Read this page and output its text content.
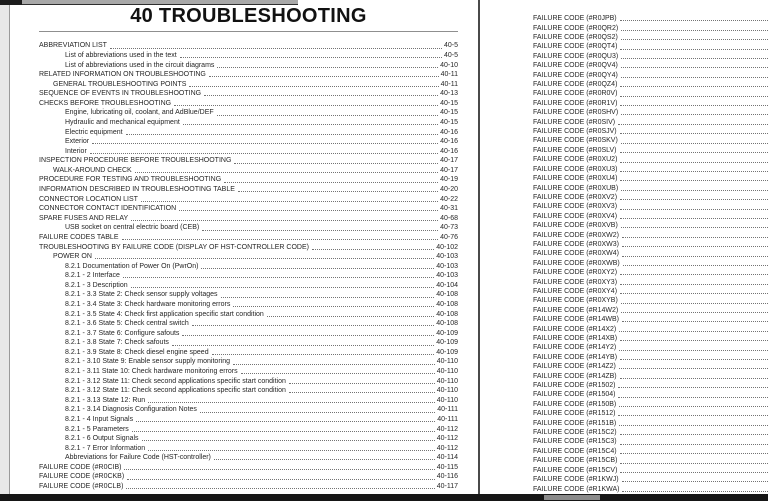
40 TROUBLESHOOTING
ABBREVIATION LIST	40-5
List of abbreviations used in the text	40-5
List of abbreviations used in the circuit diagrams	40-10
RELATED INFORMATION ON TROUBLESHOOTING	40-11
GENERAL TROUBLESHOOTING POINTS	40-11
SEQUENCE OF EVENTS IN TROUBLESHOOTING	40-13
CHECKS BEFORE TROUBLESHOOTING	40-15
Engine, lubricating oil, coolant, and AdBlue/DEF	40-15
Hydraulic and mechanical equipment	40-15
Electric equipment	40-16
Exterior	40-16
Interior	40-16
INSPECTION PROCEDURE BEFORE TROUBLESHOOTING	40-17
WALK-AROUND CHECK	40-17
PROCEDURE FOR TESTING AND TROUBLESHOOTING	40-19
INFORMATION DESCRIBED IN TROUBLESHOOTING TABLE	40-20
CONNECTOR LOCATION LIST	40-22
CONNECTOR CONTACT IDENTIFICATION	40-31
SPARE FUSES AND RELAY	40-68
USB socket on central electric board (CEB)	40-73
FAILURE CODES TABLE	40-76
TROUBLESHOOTING BY FAILURE CODE (DISPLAY OF HST-CONTROLLER CODE)	40-102
POWER ON	40-103
8.2.1 Documentation of Power On (PwrOn)	40-103
8.2.1 - 2 Interface	40-103
8.2.1 - 3 Description	40-104
8.2.1 - 3.3 State 2: Check sensor supply voltages	40-108
8.2.1 - 3.4 State 3: Check hardware monitoring errors	40-108
8.2.1 - 3.5 State 4: Check first application specific start condition	40-108
8.2.1 - 3.6 State 5: Check central switch	40-108
8.2.1 - 3.7 State 6: Configure safouts	40-109
8.2.1 - 3.8 State 7: Check safouts	40-109
8.2.1 - 3.9 State 8: Check diesel engine speed	40-109
8.2.1 - 3.10 State 9: Enable sensor supply monitoring	40-110
8.2.1 - 3.11 State 10: Check hardware monitoring errors	40-110
8.2.1 - 3.12 State 11: Check second applications specific start condition	40-110
8.2.1 - 3.12 State 11: Check second applications specific start condition	40-110
8.2.1 - 3.13 State 12: Run	40-110
8.2.1 - 3.14 Diagnosis Configuration Notes	40-111
8.2.1 - 4 Input Signals	40-111
8.2.1 - 5 Parameters	40-112
8.2.1 - 6 Output Signals	40-112
8.2.1 - 7 Error Information	40-112
Abbreviations for Failure Code (HST-controller)	40-114
FAILURE CODE (#R0CIB)	40-115
FAILURE CODE (#R0CKB)	40-116
FAILURE CODE (#R0CLB)	40-117
FAILURE CODE (#R0JPB)
FAILURE CODE (#R0QR2)
FAILURE CODE (#R0QS2)
FAILURE CODE (#R0QT4)
FAILURE CODE (#R0QU3)
FAILURE CODE (#R0QV4)
FAILURE CODE (#R0QY4)
FAILURE CODE (#R0QZ4)
FAILURE CODE (#R0R0V)
FAILURE CODE (#R0R1V)
FAILURE CODE (#R0SHV)
FAILURE CODE (#R0SIV)
FAILURE CODE (#R0SJV)
FAILURE CODE (#R0SKV)
FAILURE CODE (#R0SLV)
FAILURE CODE (#R0XU2)
FAILURE CODE (#R0XU3)
FAILURE CODE (#R0XU4)
FAILURE CODE (#R0XUB)
FAILURE CODE (#R0XV2)
FAILURE CODE (#R0XV3)
FAILURE CODE (#R0XV4)
FAILURE CODE (#R0XVB)
FAILURE CODE (#R0XW2)
FAILURE CODE (#R0XW3)
FAILURE CODE (#R0XW4)
FAILURE CODE (#R0XWB)
FAILURE CODE (#R0XY2)
FAILURE CODE (#R0XY3)
FAILURE CODE (#R0XY4)
FAILURE CODE (#R0XYB)
FAILURE CODE (#R14W2)
FAILURE CODE (#R14WB)
FAILURE CODE (#R14X2)
FAILURE CODE (#R14XB)
FAILURE CODE (#R14Y2)
FAILURE CODE (#R14YB)
FAILURE CODE (#R14Z2)
FAILURE CODE (#R14ZB)
FAILURE CODE (#R1502)
FAILURE CODE (#R1504)
FAILURE CODE (#R150B)
FAILURE CODE (#R1512)
FAILURE CODE (#R151B)
FAILURE CODE (#R15C2)
FAILURE CODE (#R15C3)
FAILURE CODE (#R15C4)
FAILURE CODE (#R15CB)
FAILURE CODE (#R15CV)
FAILURE CODE (#R1KWJ)
FAILURE CODE (#R1KWA)
